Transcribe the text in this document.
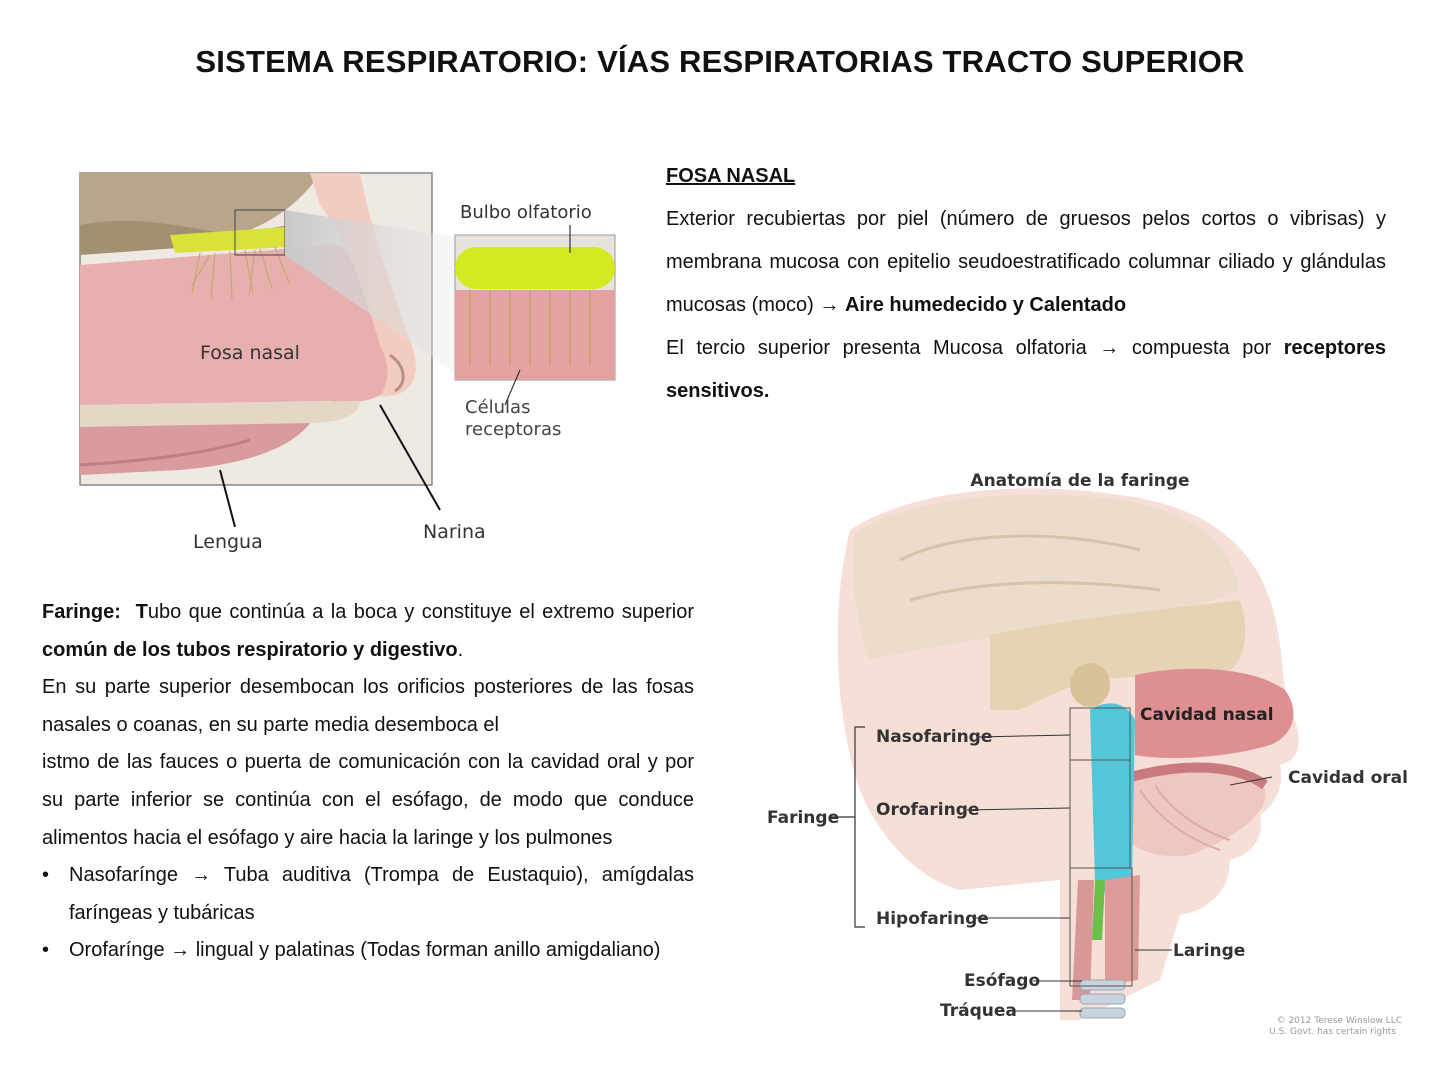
SISTEMA RESPIRATORIO: VÍAS RESPIRATORIAS TRACTO SUPERIOR
Bulbo olfatorio
Fosa nasal
Células
receptoras
Lengua	Narina
FOSA NASAL
Exterior recubiertas por piel (número de gruesos pelos cortos o vibrisas) y membrana mucosa con epitelio seudoestratificado columnar ciliado y glándulas mucosas (moco) → Aire humedecido y Calentado
El tercio superior presenta Mucosa olfatoria → compuesta por receptores sensitivos.
Anatomía de la faringe
Cavidad nasal
Nasofaringe
Cavidad oral
Faringe Orofaringe
Hipofaringe
Laringe
Esófago
Tráquea	© 2012 Terese Winslow LLC
U.S. Govt. has certain rights
Faringe: Tubo que continúa a la boca y constituye el extremo superior común de los tubos respiratorio y digestivo.
En su parte superior desembocan los orificios posteriores de las fosas nasales o coanas, en su parte media desemboca el
istmo de las fauces o puerta de comunicación con la cavidad oral y por su parte inferior se continúa con el esófago, de modo que conduce alimentos hacia el esófago y aire hacia la laringe y los pulmones
• Nasofarínge → Tuba auditiva (Trompa de Eustaquio), amígdalas faríngeas y tubáricas
• Orofarínge → lingual y palatinas (Todas forman anillo amigdaliano)
